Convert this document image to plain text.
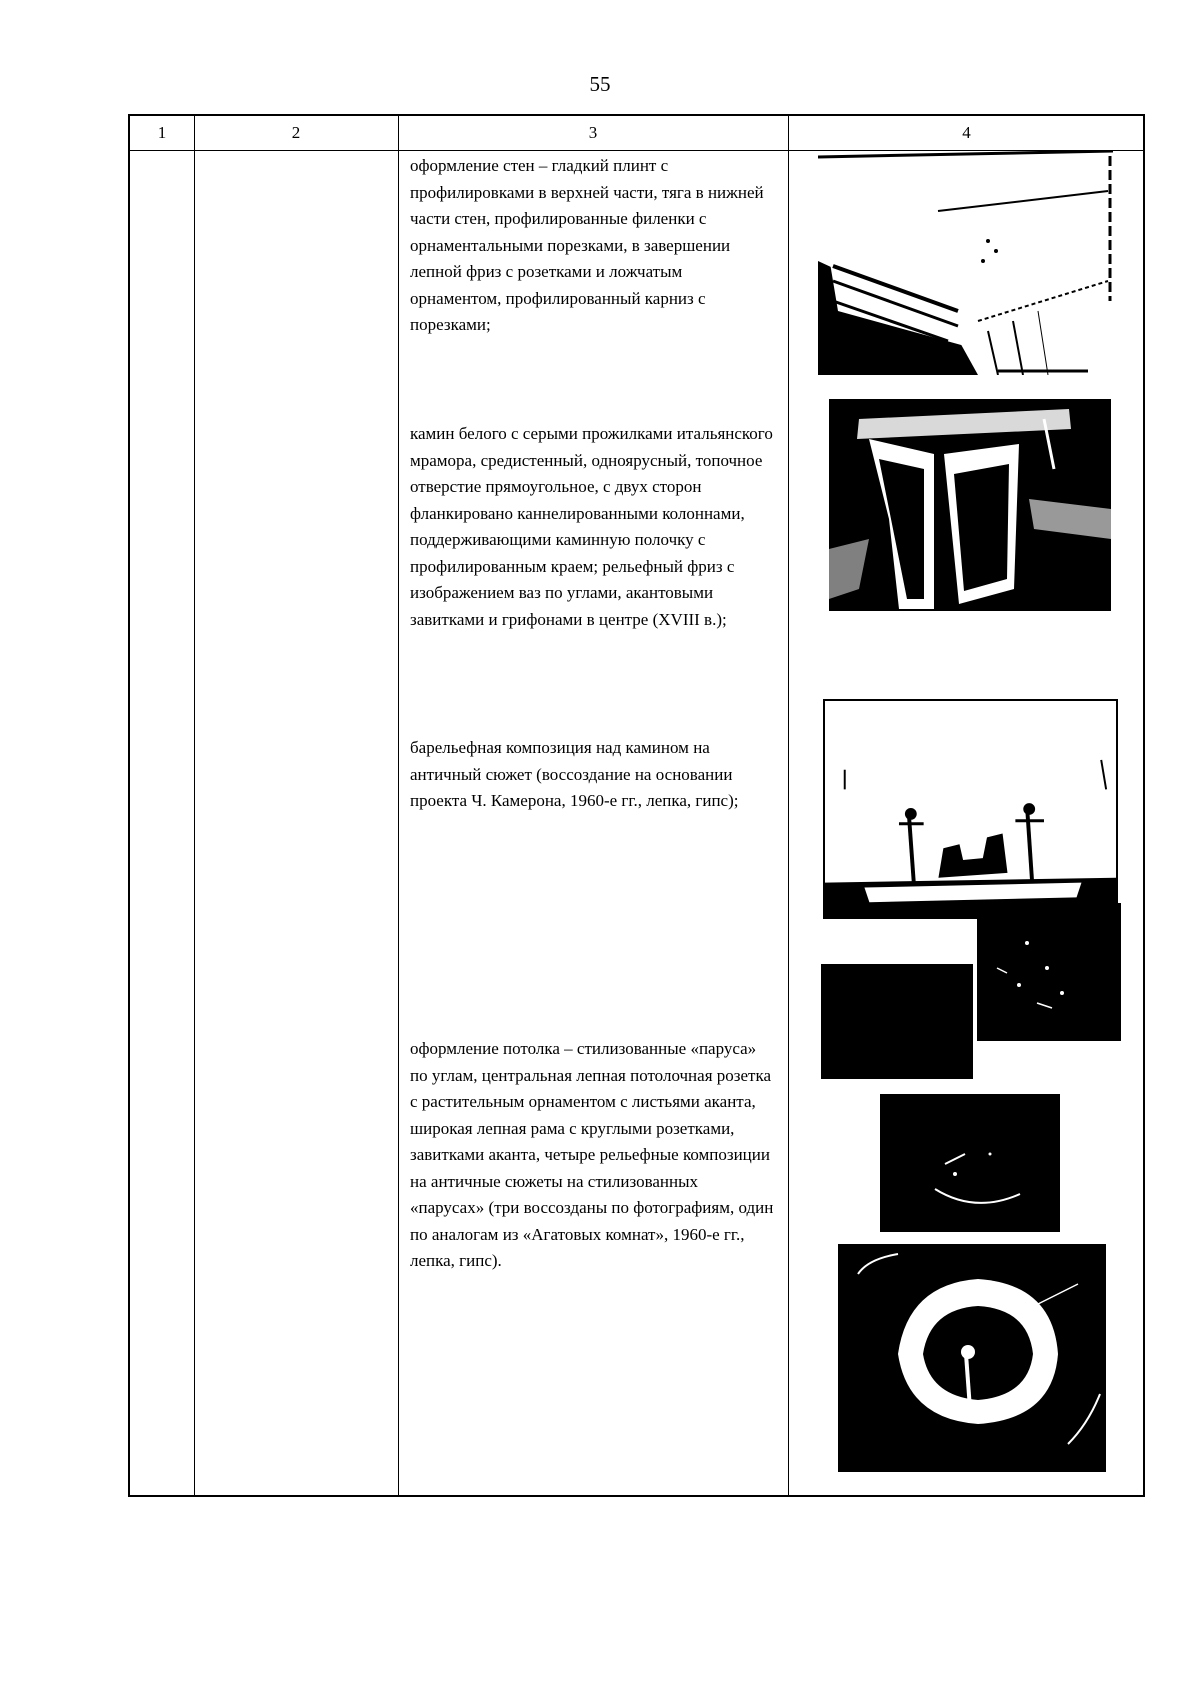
55
1	2	3	4
оформление стен – гладкий плинт с профилировками в верхней части, тяга в нижней части стен, профилированные филенки с орнаментальными порезками, в завершении лепной фриз с розетками и ложчатым орнаментом, профилированный карниз с порезками;
камин белого с серыми прожилками итальянского мрамора, средистенный, одноярусный, топочное отверстие прямоугольное, с двух сторон фланкировано каннелированными колоннами, поддерживающими каминную полочку с профилированным краем; рельефный фриз с изображением ваз по углами, акантовыми завитками и грифонами в центре (XVIII в.);
барельефная композиция над камином на античный сюжет (воссоздание на основании проекта Ч. Камерона, 1960-е гг., лепка, гипс);
оформление потолка – стилизованные «паруса» по углам, центральная лепная потолочная розетка с растительным орнаментом с листьями аканта, широкая лепная рама с круглыми розетками, завитками аканта, четыре рельефные композиции на античные сюжеты на стилизованных «парусах» (три воссозданы по фотографиям, один по аналогам из «Агатовых комнат», 1960-е гг., лепка, гипс).
